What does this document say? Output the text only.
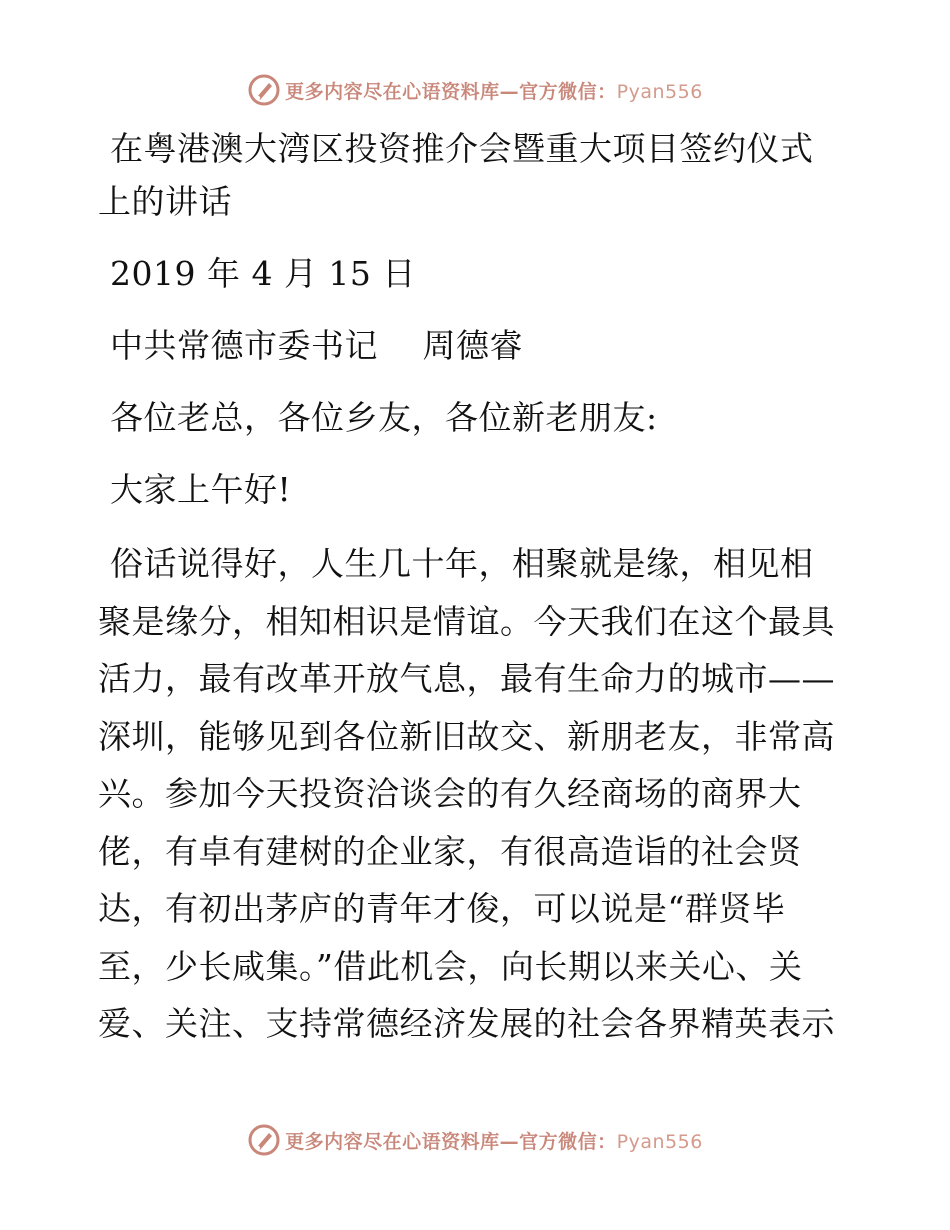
更多内容尽在心语资料库—官方微信：Pyan556
在粤港澳大湾区投资推介会暨重大项目签约仪式
上的讲话
2019 年 4 月 15 日
中共常德市委书记　 周德睿
各位老总，各位乡友，各位新老朋友:
大家上午好!
俗话说得好，人生几十年，相聚就是缘，相见相
聚是缘分，相知相识是情谊。今天我们在这个最具
活力，最有改革开放气息，最有生命力的城市——
深圳，能够见到各位新旧故交、新朋老友，非常高
兴。参加今天投资洽谈会的有久经商场的商界大
佬，有卓有建树的企业家，有很高造诣的社会贤
达，有初出茅庐的青年才俊，可以说是“群贤毕
至，少长咸集。”借此机会，向长期以来关心、关
爱、关注、支持常德经济发展的社会各界精英表示
更多内容尽在心语资料库—官方微信：Pyan556
